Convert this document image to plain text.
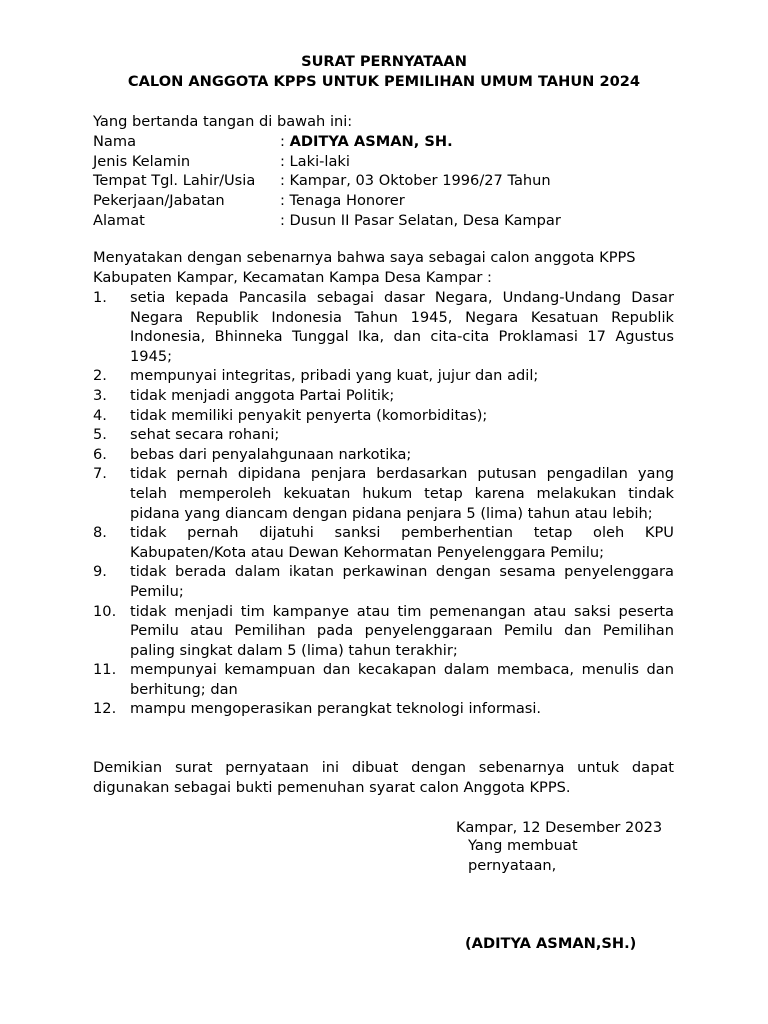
SURAT PERNYATAAN
CALON ANGGOTA KPPS UNTUK PEMILIHAN UMUM TAHUN 2024
Yang bertanda tangan di bawah ini:
Nama	: ADITYA ASMAN, SH.
Jenis Kelamin	: Laki-laki
Tempat Tgl. Lahir/Usia : Kampar, 03 Oktober 1996/27 Tahun
Pekerjaan/Jabatan	: Tenaga Honorer
Alamat	: Dusun II Pasar Selatan, Desa Kampar
Menyatakan dengan sebenarnya bahwa saya sebagai calon anggota KPPS Kabupaten Kampar, Kecamatan Kampa Desa Kampar :
1. setia kepada Pancasila sebagai dasar Negara, Undang-Undang Dasar Negara Republik Indonesia Tahun 1945, Negara Kesatuan Republik Indonesia, Bhinneka Tunggal Ika, dan cita-cita Proklamasi 17 Agustus 1945;
2. mempunyai integritas, pribadi yang kuat, jujur dan adil;
3. tidak menjadi anggota Partai Politik;
4. tidak memiliki penyakit penyerta (komorbiditas);
5. sehat secara rohani;
6. bebas dari penyalahgunaan narkotika;
7. tidak pernah dipidana penjara berdasarkan putusan pengadilan yang telah memperoleh kekuatan hukum tetap karena melakukan tindak pidana yang diancam dengan pidana penjara 5 (lima) tahun atau lebih;
8. tidak pernah dijatuhi sanksi pemberhentian tetap oleh KPU Kabupaten/Kota atau Dewan Kehormatan Penyelenggara Pemilu;
9. tidak berada dalam ikatan perkawinan dengan sesama penyelenggara Pemilu;
10. tidak menjadi tim kampanye atau tim pemenangan atau saksi peserta Pemilu atau Pemilihan pada penyelenggaraan Pemilu dan Pemilihan paling singkat dalam 5 (lima) tahun terakhir;
11. mempunyai kemampuan dan kecakapan dalam membaca, menulis dan berhitung; dan
12. mampu mengoperasikan perangkat teknologi informasi.
Demikian surat pernyataan ini dibuat dengan sebenarnya untuk dapat digunakan sebagai bukti pemenuhan syarat calon Anggota KPPS.
Kampar, 12 Desember 2023
Yang membuat
pernyataan,
(ADITYA ASMAN,SH.)
